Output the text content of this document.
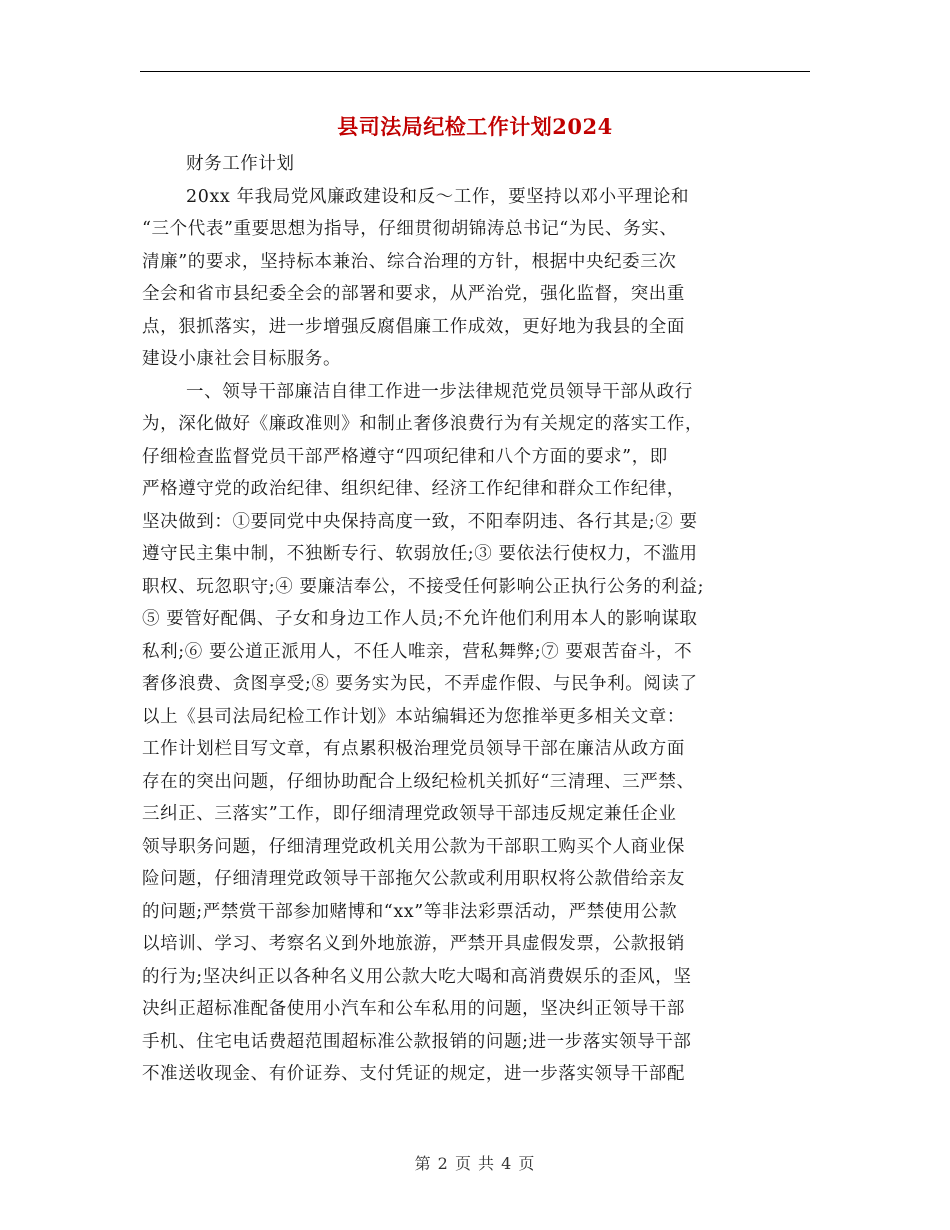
县司法局纪检工作计划2024
财务工作计划
20xx 年我局党风廉政建设和反～工作，要坚持以邓小平理论和
“三个代表”重要思想为指导，仔细贯彻胡锦涛总书记“为民、务实、
清廉”的要求，坚持标本兼治、综合治理的方针，根据中央纪委三次
全会和省市县纪委全会的部署和要求，从严治党，强化监督，突出重
点，狠抓落实，进一步增强反腐倡廉工作成效，更好地为我县的全面
建设小康社会目标服务。
一、领导干部廉洁自律工作进一步法律规范党员领导干部从政行
为，深化做好《廉政准则》和制止奢侈浪费行为有关规定的落实工作，
仔细检查监督党员干部严格遵守“四项纪律和八个方面的要求”，即
严格遵守党的政治纪律、组织纪律、经济工作纪律和群众工作纪律，
坚决做到：①要同党中央保持高度一致，不阳奉阴违、各行其是;② 要
遵守民主集中制，不独断专行、软弱放任;③ 要依法行使权力，不滥用
职权、玩忽职守;④ 要廉洁奉公，不接受任何影响公正执行公务的利益;
⑤ 要管好配偶、子女和身边工作人员;不允许他们利用本人的影响谋取
私利;⑥ 要公道正派用人，不任人唯亲，营私舞弊;⑦ 要艰苦奋斗，不
奢侈浪费、贪图享受;⑧ 要务实为民，不弄虚作假、与民争利。阅读了
以上《县司法局纪检工作计划》本站编辑还为您推举更多相关文章：
工作计划栏目写文章，有点累积极治理党员领导干部在廉洁从政方面
存在的突出问题，仔细协助配合上级纪检机关抓好“三清理、三严禁、
三纠正、三落实”工作，即仔细清理党政领导干部违反规定兼任企业
领导职务问题，仔细清理党政机关用公款为干部职工购买个人商业保
险问题，仔细清理党政领导干部拖欠公款或利用职权将公款借给亲友
的问题;严禁赏干部参加赌博和“xx”等非法彩票活动，严禁使用公款
以培训、学习、考察名义到外地旅游，严禁开具虚假发票，公款报销
的行为;坚决纠正以各种名义用公款大吃大喝和高消费娱乐的歪风，坚
决纠正超标准配备使用小汽车和公车私用的问题，坚决纠正领导干部
手机、住宅电话费超范围超标准公款报销的问题;进一步落实领导干部
不准送收现金、有价证券、支付凭证的规定，进一步落实领导干部配
第 2 页 共 4 页
